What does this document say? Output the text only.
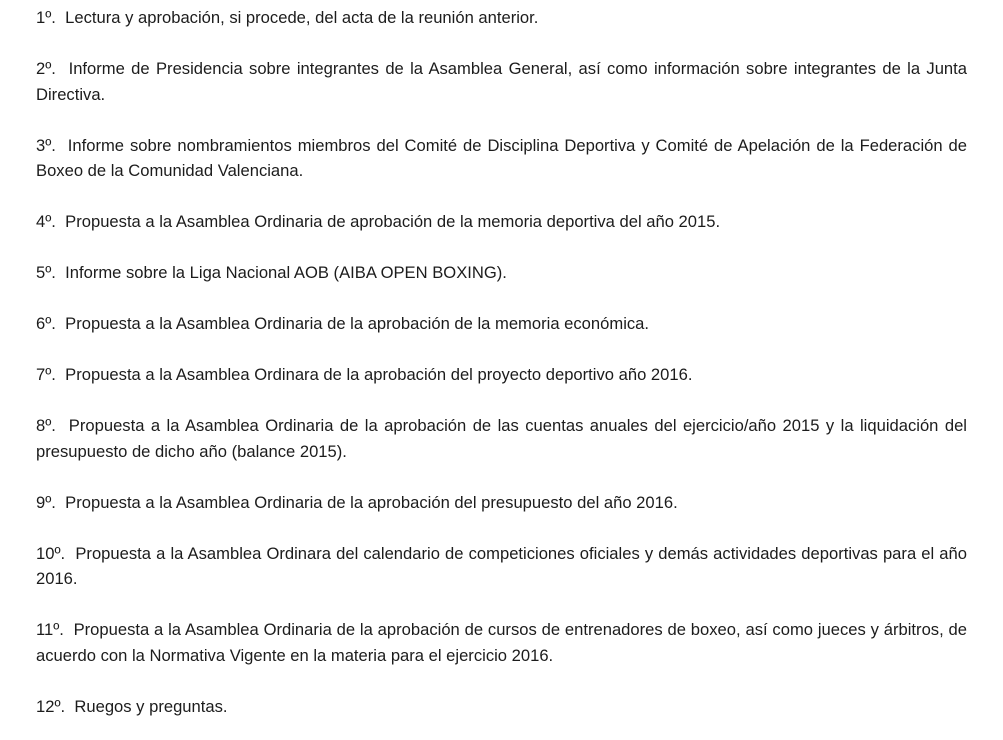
1º. Lectura y aprobación, si procede, del acta de la reunión anterior.
2º. Informe de Presidencia sobre integrantes de la Asamblea General, así como información sobre integrantes de la Junta Directiva.
3º. Informe sobre nombramientos miembros del Comité de Disciplina Deportiva y Comité de Apelación de la Federación de Boxeo de la Comunidad Valenciana.
4º. Propuesta a la Asamblea Ordinaria de aprobación de la memoria deportiva del año 2015.
5º. Informe sobre la Liga Nacional AOB (AIBA OPEN BOXING).
6º. Propuesta a la Asamblea Ordinaria de la aprobación de la memoria económica.
7º. Propuesta a la Asamblea Ordinara de la aprobación del proyecto deportivo año 2016.
8º. Propuesta a la Asamblea Ordinaria de la aprobación de las cuentas anuales del ejercicio/año 2015 y la liquidación del presupuesto de dicho año (balance 2015).
9º. Propuesta a la Asamblea Ordinaria de la aprobación del presupuesto del año 2016.
10º. Propuesta a la Asamblea Ordinara del calendario de competiciones oficiales y demás actividades deportivas para el año 2016.
11º. Propuesta a la Asamblea Ordinaria de la aprobación de cursos de entrenadores de boxeo, así como jueces y árbitros, de acuerdo con la Normativa Vigente en la materia para el ejercicio 2016.
12º. Ruegos y preguntas.
